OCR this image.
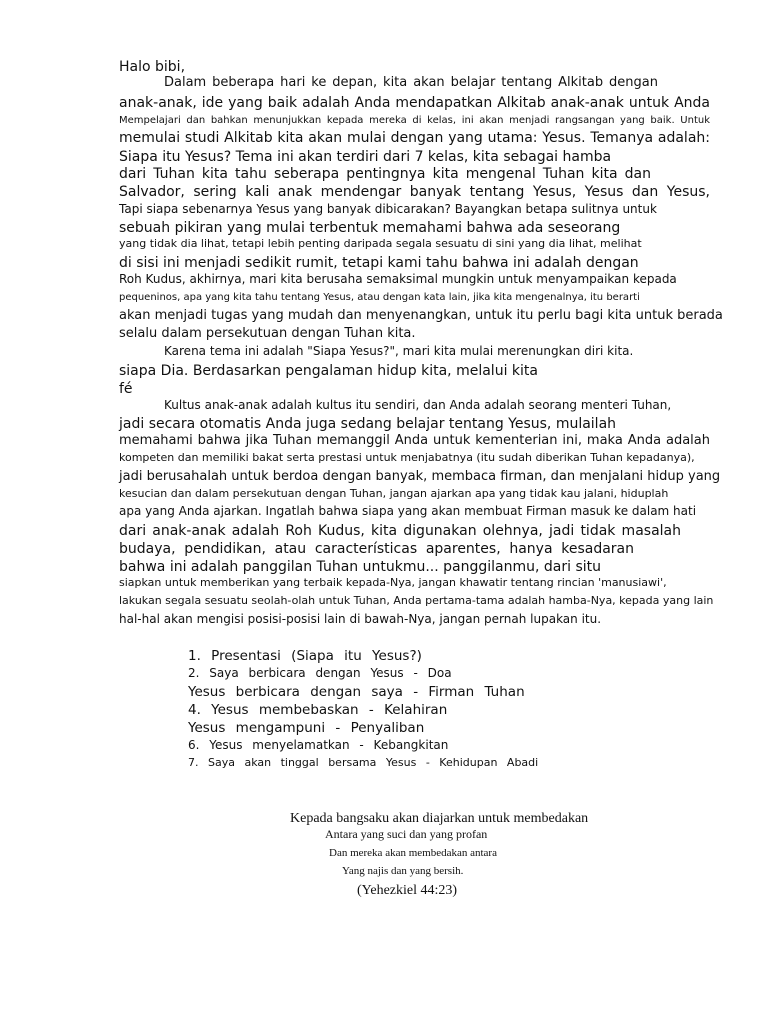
Halo bibi,
Dalam beberapa hari ke depan, kita akan belajar tentang Alkitab dengan
anak-anak, ide yang baik adalah Anda mendapatkan Alkitab anak-anak untuk Anda
Mempelajari dan bahkan menunjukkan kepada mereka di kelas, ini akan menjadi rangsangan yang baik. Untuk
memulai studi Alkitab kita akan mulai dengan yang utama: Yesus. Temanya adalah:
Siapa itu Yesus? Tema ini akan terdiri dari 7 kelas, kita sebagai hamba
dari Tuhan kita tahu seberapa pentingnya kita mengenal Tuhan kita dan
Salvador, sering kali anak mendengar banyak tentang Yesus, Yesus dan Yesus,
Tapi siapa sebenarnya Yesus yang banyak dibicarakan? Bayangkan betapa sulitnya untuk
sebuah pikiran yang mulai terbentuk memahami bahwa ada seseorang
yang tidak dia lihat, tetapi lebih penting daripada segala sesuatu di sini yang dia lihat, melihat
di sisi ini menjadi sedikit rumit, tetapi kami tahu bahwa ini adalah dengan
Roh Kudus, akhirnya, mari kita berusaha semaksimal mungkin untuk menyampaikan kepada
pequeninos, apa yang kita tahu tentang Yesus, atau dengan kata lain, jika kita mengenalnya, itu berarti
akan menjadi tugas yang mudah dan menyenangkan, untuk itu perlu bagi kita untuk berada
selalu dalam persekutuan dengan Tuhan kita.
Karena tema ini adalah "Siapa Yesus?", mari kita mulai merenungkan diri kita.
siapa Dia. Berdasarkan pengalaman hidup kita, melalui kita
fé
Kultus anak-anak adalah kultus itu sendiri, dan Anda adalah seorang menteri Tuhan,
jadi secara otomatis Anda juga sedang belajar tentang Yesus, mulailah
memahami bahwa jika Tuhan memanggil Anda untuk kementerian ini, maka Anda adalah
kompeten dan memiliki bakat serta prestasi untuk menjabatnya (itu sudah diberikan Tuhan kepadanya),
jadi berusahalah untuk berdoa dengan banyak, membaca firman, dan menjalani hidup yang
kesucian dan dalam persekutuan dengan Tuhan, jangan ajarkan apa yang tidak kau jalani, hiduplah
apa yang Anda ajarkan. Ingatlah bahwa siapa yang akan membuat Firman masuk ke dalam hati
dari anak-anak adalah Roh Kudus, kita digunakan olehnya, jadi tidak masalah
budaya, pendidikan, atau características aparentes, hanya kesadaran
bahwa ini adalah panggilan Tuhan untukmu... panggilanmu, dari situ
siapkan untuk memberikan yang terbaik kepada-Nya, jangan khawatir tentang rincian 'manusiawi',
lakukan segala sesuatu seolah-olah untuk Tuhan, Anda pertama-tama adalah hamba-Nya, kepada yang lain
hal-hal akan mengisi posisi-posisi lain di bawah-Nya, jangan pernah lupakan itu.
1. Presentasi (Siapa itu Yesus?)
2. Saya berbicara dengan Yesus - Doa
Yesus berbicara dengan saya - Firman Tuhan
4. Yesus membebaskan - Kelahiran
Yesus mengampuni - Penyaliban
6. Yesus menyelamatkan - Kebangkitan
7. Saya akan tinggal bersama Yesus - Kehidupan Abadi
Kepada bangsaku akan diajarkan untuk membedakan
Antara yang suci dan yang profan
Dan mereka akan membedakan antara
Yang najis dan yang bersih.
(Yehezkiel 44:23)
